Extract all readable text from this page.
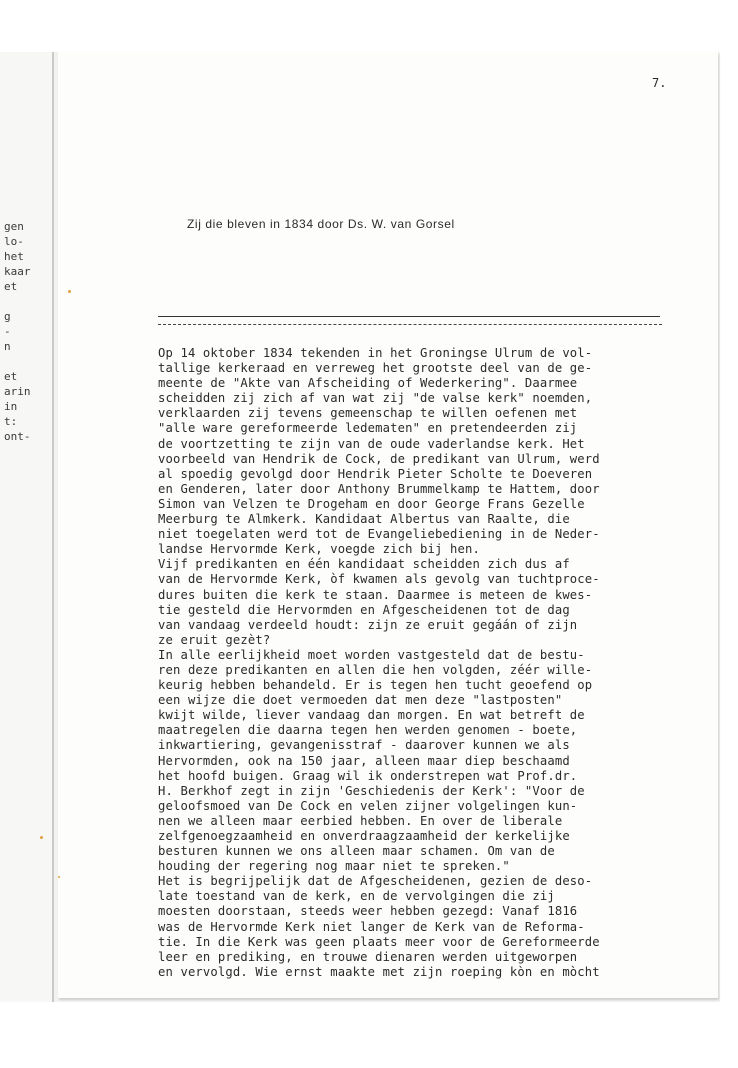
gen
lo-
het
kaar
et
g
-
n
et
arin
in
t:
ont-
7.
Zij die bleven in 1834 door Ds. W. van Gorsel
Op 14 oktober 1834 tekenden in het Groningse Ulrum de vol-
tallige kerkeraad en verreweg het grootste deel van de ge-
meente de "Akte van Afscheiding of Wederkering". Daarmee
scheidden zij zich af van wat zij "de valse kerk" noemden,
verklaarden zij tevens gemeenschap te willen oefenen met
"alle ware gereformeerde ledematen" en pretendeerden zij
de voortzetting te zijn van de oude vaderlandse kerk. Het
voorbeeld van Hendrik de Cock, de predikant van Ulrum, werd
al spoedig gevolgd door Hendrik Pieter Scholte te Doeveren
en Genderen, later door Anthony Brummelkamp te Hattem, door
Simon van Velzen te Drogeham en door George Frans Gezelle
Meerburg te Almkerk. Kandidaat Albertus van Raalte, die
niet toegelaten werd tot de Evangeliebediening in de Neder-
landse Hervormde Kerk, voegde zich bij hen.
Vijf predikanten en één kandidaat scheidden zich dus af
van de Hervormde Kerk, òf kwamen als gevolg van tuchtproce-
dures buiten die kerk te staan. Daarmee is meteen de kwes-
tie gesteld die Hervormden en Afgescheidenen tot de dag
van vandaag verdeeld houdt: zijn ze eruit gegáán of zijn
ze eruit gezèt?
In alle eerlijkheid moet worden vastgesteld dat de bestu-
ren deze predikanten en allen die hen volgden, zéér wille-
keurig hebben behandeld. Er is tegen hen tucht geoefend op
een wijze die doet vermoeden dat men deze "lastposten"
kwijt wilde, liever vandaag dan morgen. En wat betreft de
maatregelen die daarna tegen hen werden genomen - boete,
inkwartiering, gevangenisstraf - daarover kunnen we als
Hervormden, ook na 150 jaar, alleen maar diep beschaamd
het hoofd buigen. Graag wil ik onderstrepen wat Prof.dr.
H. Berkhof zegt in zijn 'Geschiedenis der Kerk': "Voor de
geloofsmoed van De Cock en velen zijner volgelingen kun-
nen we alleen maar eerbied hebben. En over de liberale
zelfgenoegzaamheid en onverdraagzaamheid der kerkelijke
besturen kunnen we ons alleen maar schamen. Om van de
houding der regering nog maar niet te spreken."
Het is begrijpelijk dat de Afgescheidenen, gezien de deso-
late toestand van de kerk, en de vervolgingen die zij
moesten doorstaan, steeds weer hebben gezegd: Vanaf 1816
was de Hervormde Kerk niet langer de Kerk van de Reforma-
tie. In die Kerk was geen plaats meer voor de Gereformeerde
leer en prediking, en trouwe dienaren werden uitgeworpen
en vervolgd. Wie ernst maakte met zijn roeping kòn en mòcht
